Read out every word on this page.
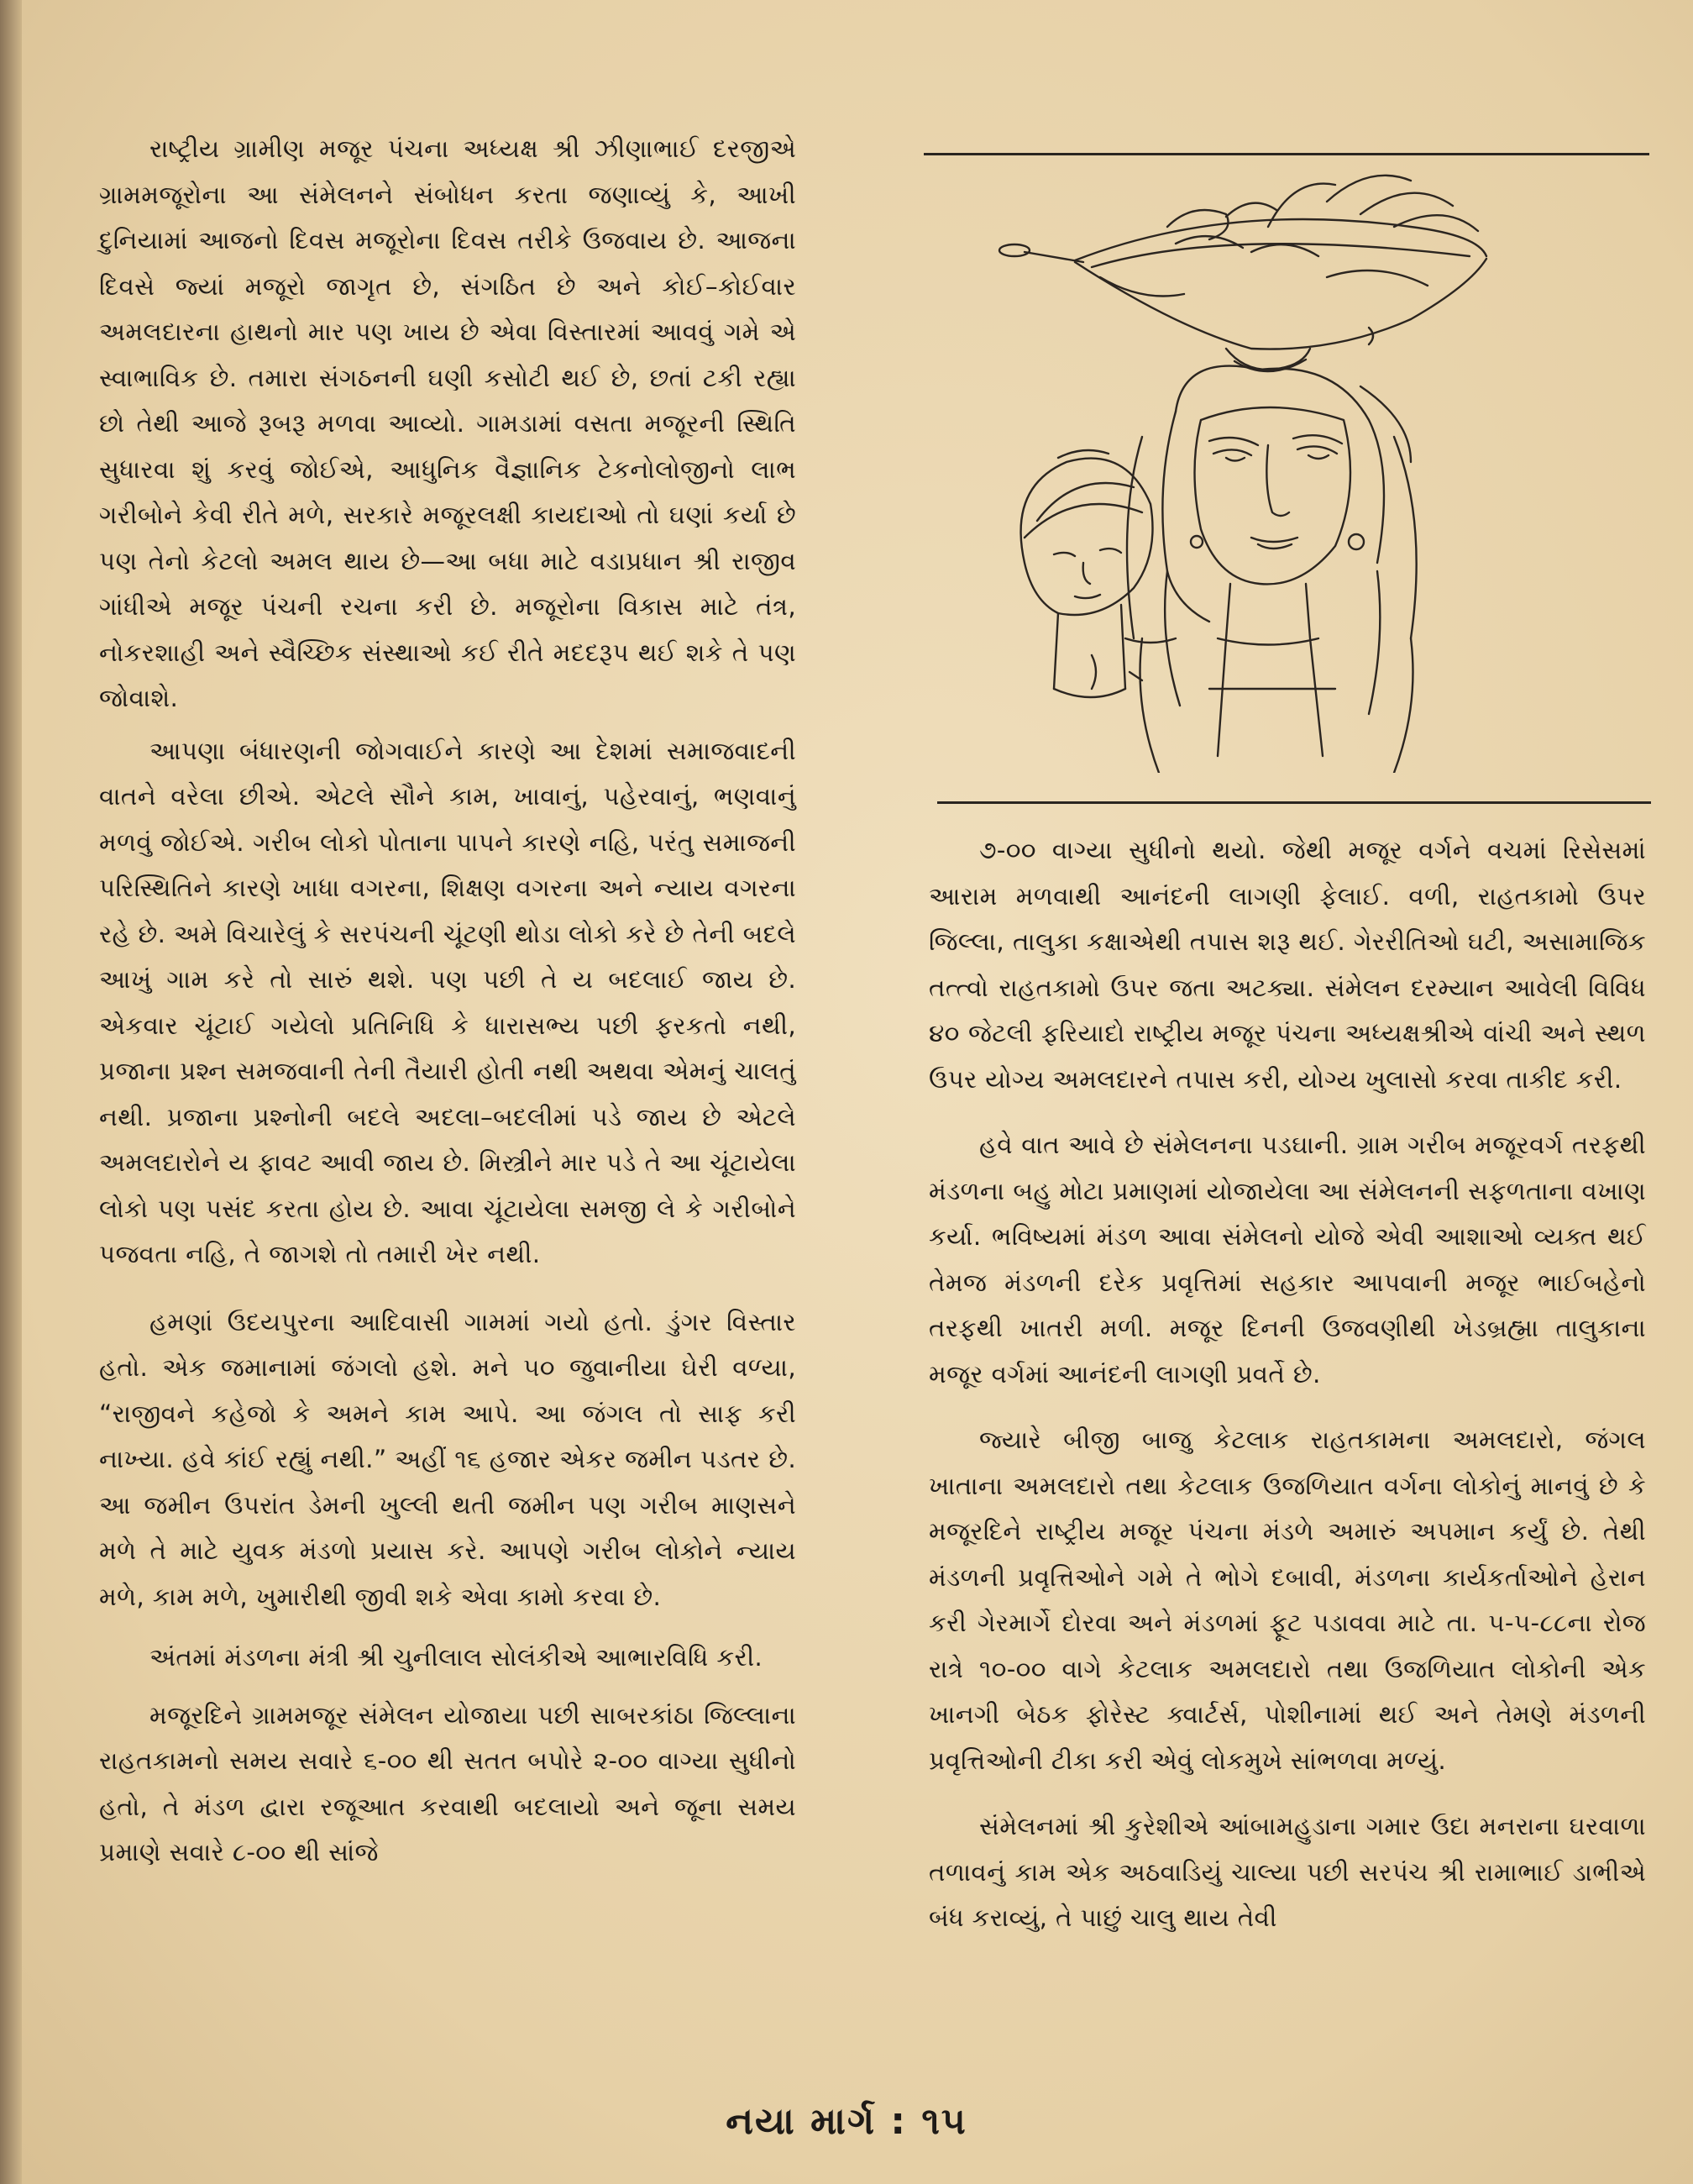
રાષ્ટ્રીય ગ્રામીણ મજૂર પંચના અધ્યક્ષ શ્રી ઝીણાભાઈ દરજીએ ગ્રામમજૂરોના આ સંમેલનને સંબોધન કરતા જણાવ્યું કે, આખી દુનિયામાં આજનો દિવસ મજૂરોના દિવસ તરીકે ઉજવાય છે. આજના દિવસે જ્યાં મજૂરો જાગૃત છે, સંગઠિત છે અને કોઈ–કોઈવાર અમલદારના હાથનો માર પણ ખાય છે એવા વિસ્તારમાં આવવું ગમે એ સ્વાભાવિક છે. તમારા સંગઠનની ઘણી કસોટી થઈ છે, છતાં ટકી રહ્યા છો તેથી આજે રૂબરૂ મળવા આવ્યો. ગામડામાં વસતા મજૂરની સ્થિતિ સુધારવા શું કરવું જોઈએ, આધુનિક વૈજ્ઞાનિક ટેકનોલોજીનો લાભ ગરીબોને કેવી રીતે મળે, સરકારે મજૂરલક્ષી કાયદાઓ તો ઘણાં કર્યા છે પણ તેનો કેટલો અમલ થાય છે—આ બધા માટે વડાપ્રધાન શ્રી રાજીવ ગાંધીએ મજૂર પંચની રચના કરી છે. મજૂરોના વિકાસ માટે તંત્ર, નોકરશાહી અને સ્વૈચ્છિક સંસ્થાઓ કઈ રીતે મદદરૂપ થઈ શકે તે પણ જોવાશે.

આપણા બંધારણની જોગવાઈને કારણે આ દેશમાં સમાજવાદની વાતને વરેલા છીએ. એટલે સૌને કામ, ખાવાનું, પહેરવાનું, ભણવાનું મળવું જોઈએ. ગરીબ લોકો પોતાના પાપને કારણે નહિ, પરંતુ સમાજની પરિસ્થિતિને કારણે ખાધા વગરના, શિક્ષણ વગરના અને ન્યાય વગરના રહે છે. અમે વિચારેલું કે સરપંચની ચૂંટણી થોડા લોકો કરે છે તેની બદલે આખું ગામ કરે તો સારું થશે. પણ પછી તે ય બદલાઈ જાય છે. એકવાર ચૂંટાઈ ગયેલો પ્રતિનિધિ કે ધારાસભ્ય પછી ફરકતો નથી, પ્રજાના પ્રશ્ન સમજવાની તેની તૈયારી હોતી નથી અથવા એમનું ચાલતું નથી. પ્રજાના પ્રશ્નોની બદલે અદલા–બદલીમાં પડે જાય છે એટલે અમલદારોને ય ફાવટ આવી જાય છે. મિસ્ત્રીને માર પડે તે આ ચૂંટાયેલા લોકો પણ પસંદ કરતા હોય છે. આવા ચૂંટાયેલા સમજી લે કે ગરીબોને પજવતા નહિ, તે જાગશે તો તમારી ખેર નથી.

હમણાં ઉદયપુરના આદિવાસી ગામમાં ગયો હતો. ડુંગર વિસ્તાર હતો. એક જમાનામાં જંગલો હશે. મને ૫૦ જુવાનીયા ઘેરી વળ્યા, “રાજીવને કહેજો કે અમને કામ આપે. આ જંગલ તો સાફ કરી નાખ્યા. હવે કાંઈ રહ્યું નથી.” અહીં ૧૬ હજાર એકર જમીન પડતર છે. આ જમીન ઉપરાંત ડેમની ખુલ્લી થતી જમીન પણ ગરીબ માણસને મળે તે માટે યુવક મંડળો પ્રયાસ કરે. આપણે ગરીબ લોકોને ન્યાય મળે, કામ મળે, ખુમારીથી જીવી શકે એવા કામો કરવા છે.

અંતમાં મંડળના મંત્રી શ્રી ચુનીલાલ સોલંકીએ આભારવિધિ કરી.

મજૂરદિને ગ્રામમજૂર સંમેલન યોજાયા પછી સાબરકાંઠા જિલ્લાના રાહતકામનો સમય સવારે ૬-૦૦ થી સતત બપોરે ૨-૦૦ વાગ્યા સુધીનો હતો, તે મંડળ દ્વારા રજૂઆત કરવાથી બદલાયો અને જૂના સમય પ્રમાણે સવારે ૮-૦૦ થી સાંજે

૭-૦૦ વાગ્યા સુધીનો થયો. જેથી મજૂર વર્ગને વચમાં રિસેસમાં આરામ મળવાથી આનંદની લાગણી ફેલાઈ. વળી, રાહતકામો ઉપર જિલ્લા, તાલુકા કક્ષાએથી તપાસ શરૂ થઈ. ગેરરીતિઓ ઘટી, અસામાજિક તત્ત્વો રાહતકામો ઉપર જતા અટક્યા. સંમેલન દરમ્યાન આવેલી વિવિધ ૪૦ જેટલી ફરિયાદો રાષ્ટ્રીય મજૂર પંચના અધ્યક્ષશ્રીએ વાંચી અને સ્થળ ઉપર યોગ્ય અમલદારને તપાસ કરી, યોગ્ય ખુલાસો કરવા તાકીદ કરી.

હવે વાત આવે છે સંમેલનના પડઘાની. ગ્રામ ગરીબ મજૂરવર્ગ તરફથી મંડળના બહુ મોટા પ્રમાણમાં યોજાયેલા આ સંમેલનની સફળતાના વખાણ કર્યા. ભવિષ્યમાં મંડળ આવા સંમેલનો યોજે એવી આશાઓ વ્યક્ત થઈ તેમજ મંડળની દરેક પ્રવૃત્તિમાં સહકાર આપવાની મજૂર ભાઈબહેનો તરફથી ખાતરી મળી. મજૂર દિનની ઉજવણીથી ખેડબ્રહ્મા તાલુકાના મજૂર વર્ગમાં આનંદની લાગણી પ્રવર્તે છે.

જ્યારે બીજી બાજુ કેટલાક રાહતકામના અમલદારો, જંગલ ખાતાના અમલદારો તથા કેટલાક ઉજળિયાત વર્ગના લોકોનું માનવું છે કે મજૂરદિને રાષ્ટ્રીય મજૂર પંચના મંડળે અમારું અપમાન કર્યું છે. તેથી મંડળની પ્રવૃત્તિઓને ગમે તે ભોગે દબાવી, મંડળના કાર્યકર્તાઓને હેરાન કરી ગેરમાર્ગે દોરવા અને મંડળમાં ફૂટ પડાવવા માટે તા. ૫-૫-૮૮ના રોજ રાત્રે ૧૦-૦૦ વાગે કેટલાક અમલદારો તથા ઉજળિયાત લોકોની એક ખાનગી બેઠક ફોરેસ્ટ ક્વાર્ટર્સ, પોશીનામાં થઈ અને તેમણે મંડળની પ્રવૃત્તિઓની ટીકા કરી એવું લોકમુખે સાંભળવા મળ્યું.

સંમેલનમાં શ્રી કુરેશીએ આંબામહુડાના ગમાર ઉદા મનરાના ઘરવાળા તળાવનું કામ એક અઠવાડિયું ચાલ્યા પછી સરપંચ શ્રી રામાભાઈ ડાભીએ બંધ કરાવ્યું, તે પાછું ચાલુ થાય તેવી

નયા માર્ગ : ૧૫
